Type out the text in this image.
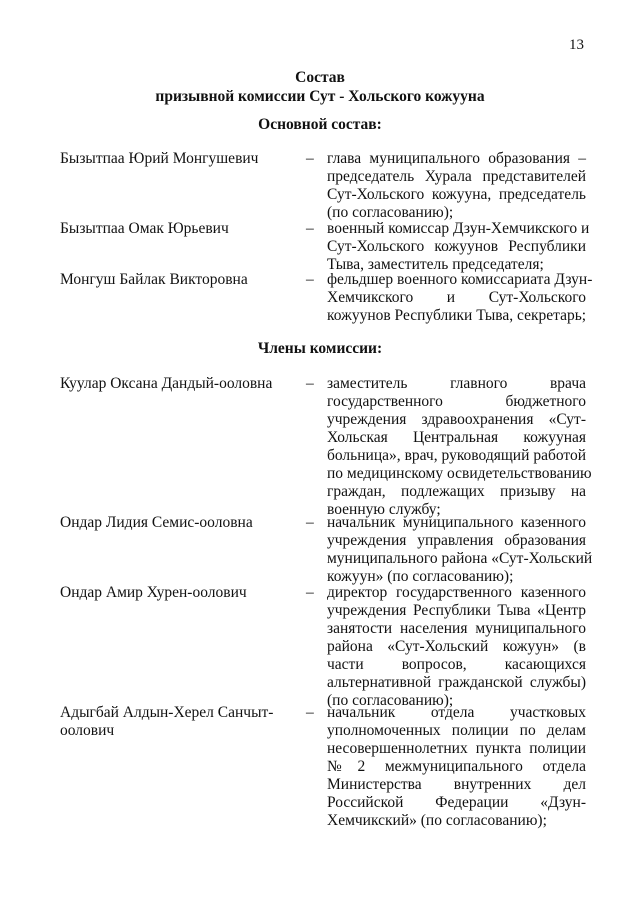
13
Состав
призывной комиссии Сут - Хольского кожууна
Основной состав:
Бызытпаа Юрий Монгушевич	– глава муниципального образования –
председатель Хурала представителей
Сут-Хольского кожууна, председатель
(по согласованию);
Бызытпаа Омак Юрьевич	– военный комиссар Дзун-Хемчикского и
Сут-Хольского кожуунов Республики
Тыва, заместитель председателя;
Монгуш Байлак Викторовна	– фельдшер военного комиссариата Дзун-
Хемчикского и Сут-Хольского
кожуунов Республики Тыва, секретарь;
Члены комиссии:
Куулар Оксана Дандый-ооловна	– заместитель главного врача
государственного бюджетного
учреждения здравоохранения «Сут-
Хольская Центральная кожууная
больница», врач, руководящий работой
по медицинскому освидетельствованию
граждан, подлежащих призыву на
военную службу;
Ондар Лидия Семис-ооловна	– начальник муниципального казенного
учреждения управления образования
муниципального района «Сут-Хольский
кожуун» (по согласованию);
Ондар Амир Хурен-оолович	– директор государственного казенного
учреждения Республики Тыва «Центр
занятости населения муниципального
района «Сут-Хольский кожуун» (в
части вопросов, касающихся
альтернативной гражданской службы)
(по согласованию);
Адыгбай Алдын-Херел Санчыт-
оолович
– начальник отдела участковых
уполномоченных полиции по делам
несовершеннолетних пункта полиции
№2 межмуниципального отдела
Министерства внутренних дел
Российской Федерации «Дзун-
Хемчикский» (по согласованию);
